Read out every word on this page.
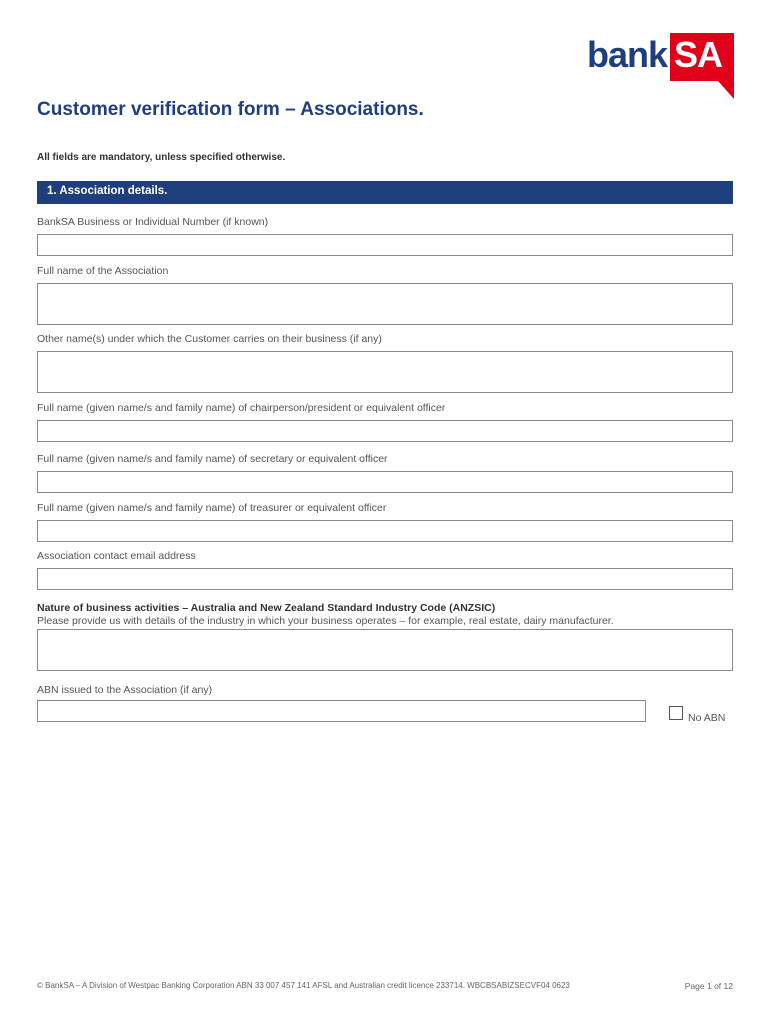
bank SA
Customer verification form – Associations.
All fields are mandatory, unless specified otherwise.
1. Association details.
BankSA Business or Individual Number (if known)
Full name of the Association
Other name(s) under which the Customer carries on their business (if any)
Full name (given name/s and family name) of chairperson/president or equivalent officer
Full name (given name/s and family name) of secretary or equivalent officer
Full name (given name/s and family name) of treasurer or equivalent officer
Association contact email address
Nature of business activities – Australia and New Zealand Standard Industry Code (ANZSIC)
Please provide us with details of the industry in which your business operates – for example, real estate, dairy manufacturer.
ABN issued to the Association (if any)
No ABN
© BankSA – A Division of Westpac Banking Corporation ABN 33 007 457 141 AFSL and Australian credit licence 233714. WBCBSABIZSECVF04 0623	Page 1 of 12
